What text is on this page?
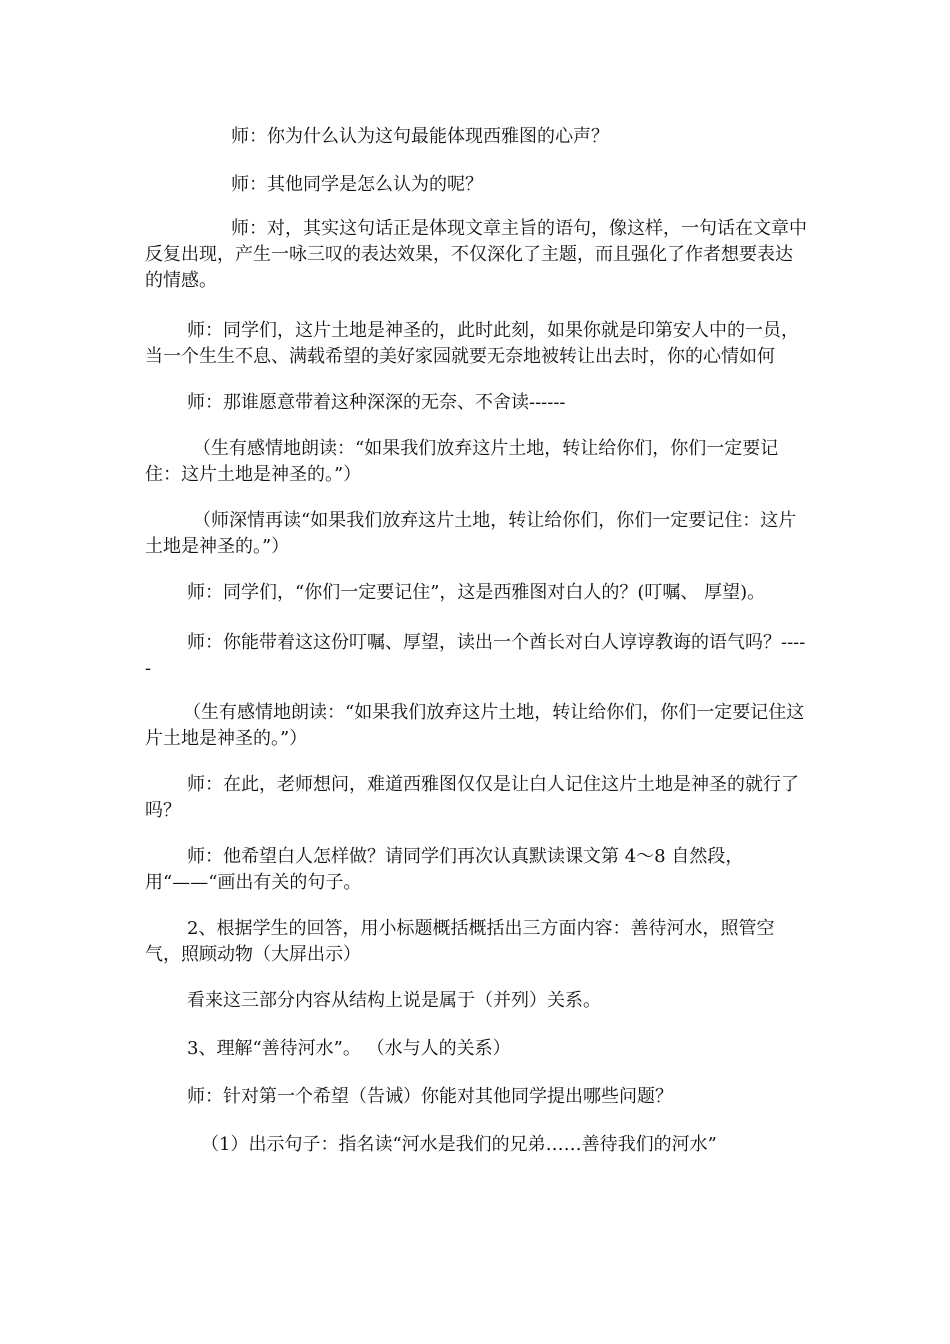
师：你为什么认为这句最能体现西雅图的心声？

师：其他同学是怎么认为的呢？

师：对，其实这句话正是体现文章主旨的语句，像这样，一句话在文章中反复出现，产生一咏三叹的表达效果，不仅深化了主题，而且强化了作者想要表达的情感。

师：同学们，这片土地是神圣的，此时此刻，如果你就是印第安人中的一员，当一个生生不息、满载希望的美好家园就要无奈地被转让出去时，你的心情如何

师：那谁愿意带着这种深深的无奈、不舍读------

（生有感情地朗读：“如果我们放弃这片土地，转让给你们，你们一定要记住：这片土地是神圣的。”）

（师深情再读“如果我们放弃这片土地，转让给你们，你们一定要记住：这片土地是神圣的。”）

师：同学们，“你们一定要记住”，这是西雅图对白人的？(叮嘱、 厚望)。

师：你能带着这这份叮嘱、厚望，读出一个酋长对白人谆谆教诲的语气吗？-----

（生有感情地朗读：“如果我们放弃这片土地，转让给你们，你们一定要记住这片土地是神圣的。”）

师：在此，老师想问，难道西雅图仅仅是让白人记住这片土地是神圣的就行了吗？

师：他希望白人怎样做？请同学们再次认真默读课文第 4～8 自然段，用“——“画出有关的句子。

2、根据学生的回答，用小标题概括概括出三方面内容：善待河水，照管空气，照顾动物（大屏出示）

看来这三部分内容从结构上说是属于（并列）关系。

3、理解“善待河水”。 （水与人的关系）

师：针对第一个希望（告诫）你能对其他同学提出哪些问题？

（1）出示句子：指名读“河水是我们的兄弟……善待我们的河水”
